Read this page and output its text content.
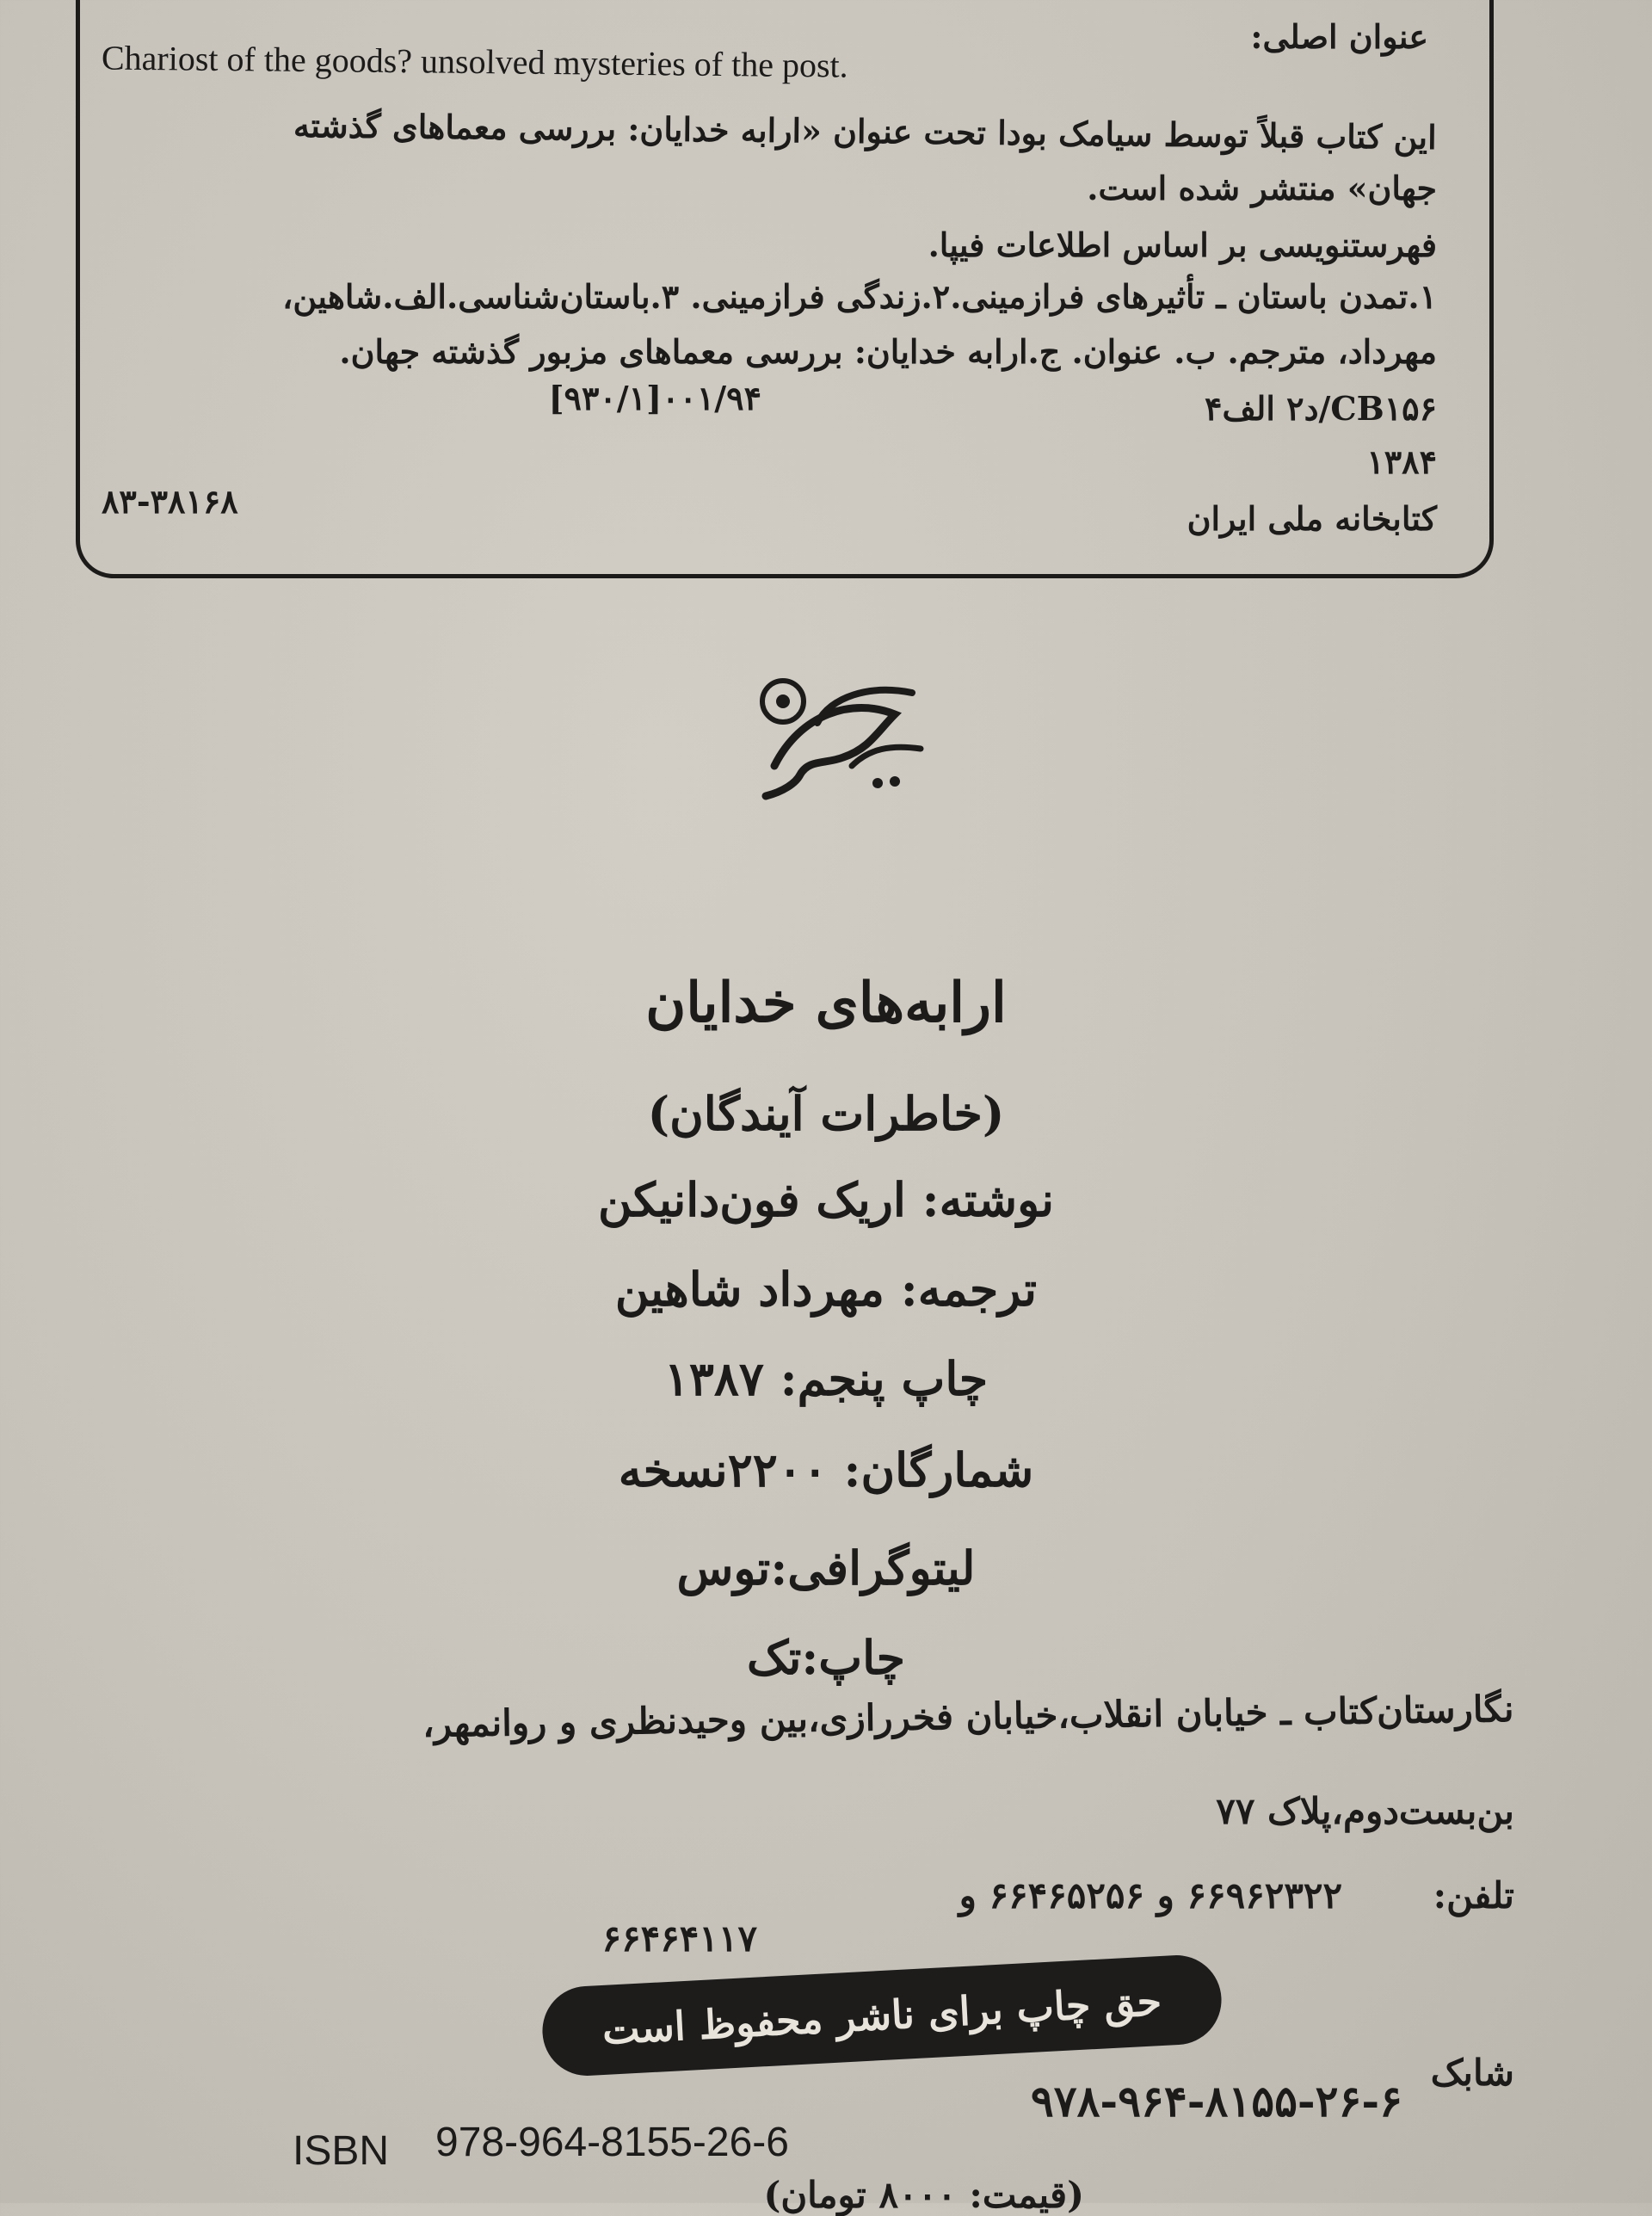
عنوان اصلی:
Chariost of the goods? unsolved mysteries of the post.
این کتاب قبلاً توسط سیامک بودا تحت عنوان «ارابه خدایان: بررسی معماهای گذشته
جهان» منتشر شده است.
فهرستنویسی بر اساس اطلاعات فیپا.
۱.تمدن باستان ـ تأثیرهای فرازمینی.۲.زندگی فرازمینی. ۳.باستان‌شناسی.الف.شاهین،
مهرداد، مترجم. ب. عنوان. ج.ارابه خدایان: بررسی معماهای مزبور گذشته جهان.
۰۰۱/۹۴[۹۳۰/۱]	CB۱۵۶/د۲ الف۴
۱۳۸۴
۸۳-۳۸۱۶۸	کتابخانه ملی ایران
ارابه‌های خدایان
(خاطرات آیندگان)
نوشته: اریک فون‌دانیکن
ترجمه: مهرداد شاهین
چاپ پنجم: ۱۳۸۷
شمارگان: ۲۲۰۰نسخه
لیتوگرافی:توس
چاپ:تک
نگارستان‌کتاب ـ خیابان انقلاب،خیابان فخررازی،بین وحیدنظری و روانمهر،
بن‌بست‌دوم،پلاک ۷۷
تلفن:
۶۶۹۶۲۳۲۲ و ۶۶۴۶۵۲۵۶ و
۶۶۴۶۴۱۱۷
حق چاپ برای ناشر محفوظ است
شابک
۹۷۸-۹۶۴-۸۱۵۵-۲۶-۶
ISBN 978-964-8155-26-6
(قیمت: ۸۰۰۰ تومان)
